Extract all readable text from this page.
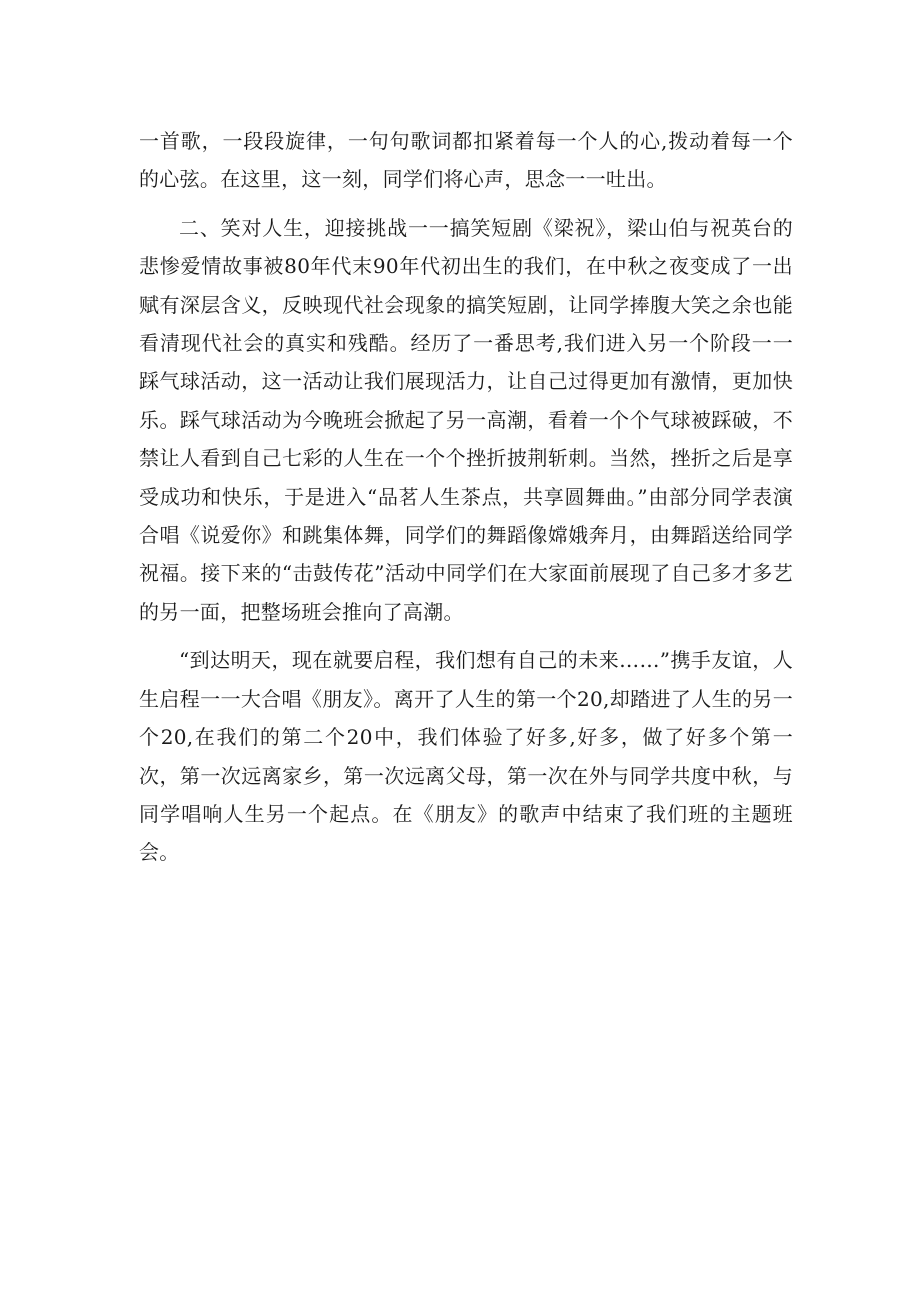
一首歌，一段段旋律，一句句歌词都扣紧着每一个人的心,拨动着每一个的心弦。在这里，这一刻，同学们将心声，思念一一吐出。

二、笑对人生，迎接挑战一一搞笑短剧《梁祝》，梁山伯与祝英台的悲惨爱情故事被80年代末90年代初出生的我们，在中秋之夜变成了一出赋有深层含义，反映现代社会现象的搞笑短剧，让同学捧腹大笑之余也能看清现代社会的真实和残酷。经历了一番思考,我们进入另一个阶段一一踩气球活动，这一活动让我们展现活力，让自己过得更加有激情，更加快乐。踩气球活动为今晚班会掀起了另一高潮，看着一个个气球被踩破，不禁让人看到自己七彩的人生在一个个挫折披荆斩刺。当然，挫折之后是享受成功和快乐，于是进入“品茗人生茶点，共享圆舞曲。”由部分同学表演合唱《说爱你》和跳集体舞，同学们的舞蹈像嫦娥奔月，由舞蹈送给同学祝福。接下来的“击鼓传花”活动中同学们在大家面前展现了自己多才多艺的另一面，把整场班会推向了高潮。

“到达明天，现在就要启程，我们想有自己的未来……”携手友谊，人生启程一一大合唱《朋友》。离开了人生的第一个20,却踏进了人生的另一个20,在我们的第二个20中，我们体验了好多,好多，做了好多个第一次，第一次远离家乡，第一次远离父母，第一次在外与同学共度中秋，与同学唱响人生另一个起点。在《朋友》的歌声中结束了我们班的主题班会。
